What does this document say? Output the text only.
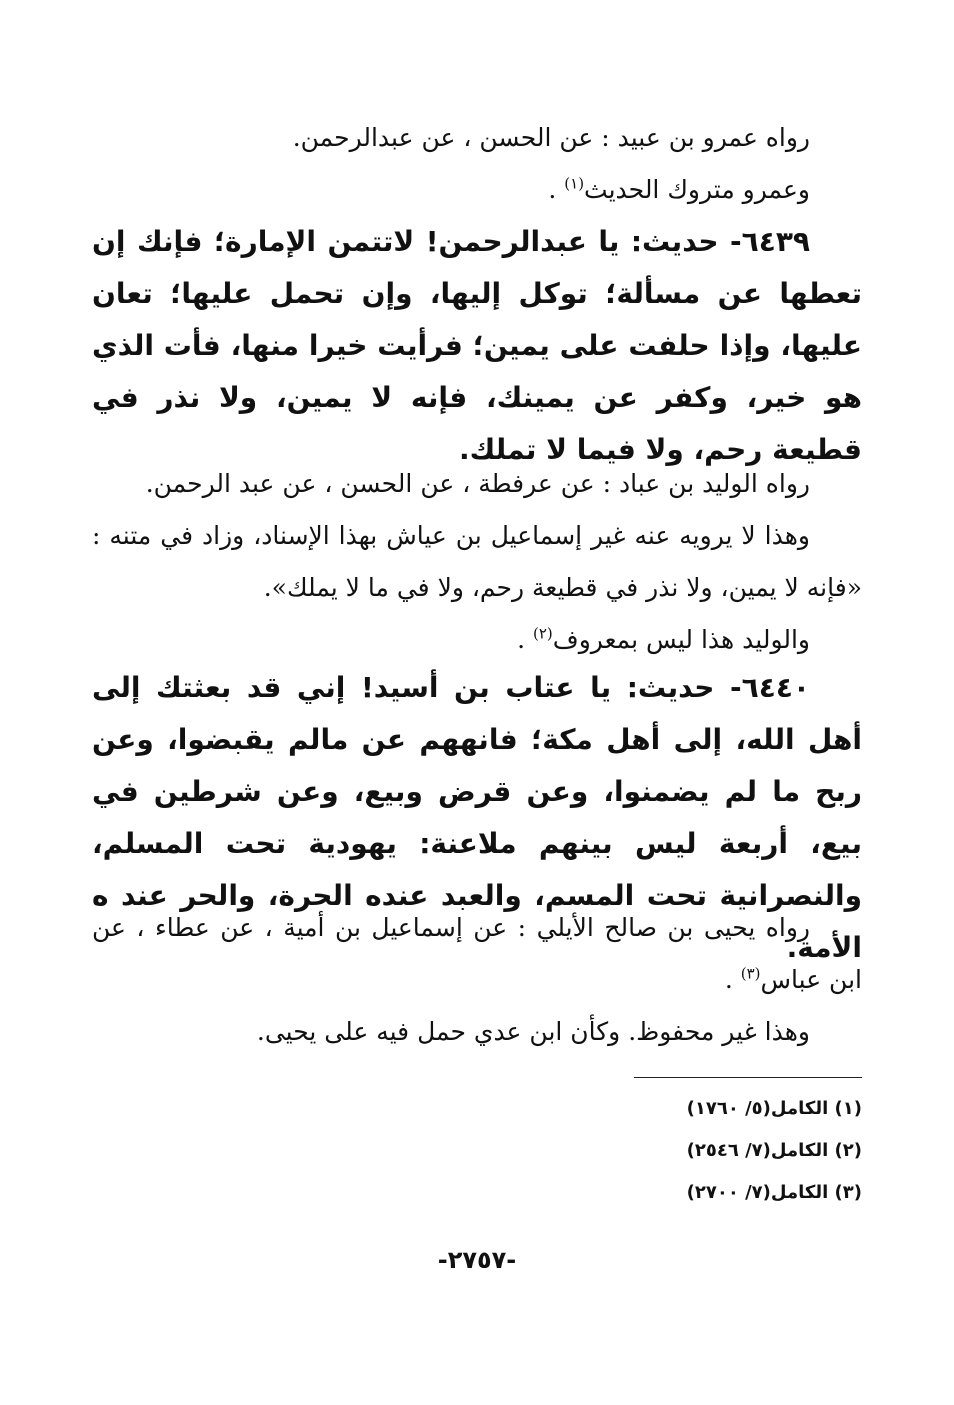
رواه عمرو بن عبيد : عن الحسن ، عن عبدالرحمن.

وعمرو متروك الحديث$^{(١)}$ .

٦٤٣٩- حديث: يا عبدالرحمن! لاتتمن الإمارة؛ فإنك إن تعطها عن مسألة؛ توكل إليها، وإن تحمل عليها؛ تعان عليها، وإذا حلفت على يمين؛ فرأيت خيرا منها، فأت الذي هو خير، وكفر عن يمينك، فإنه لا يمين، ولا نذر في قطيعة رحم، ولا فيما لا تملك.

رواه الوليد بن عباد : عن عرفطة ، عن الحسن ، عن عبد الرحمن.

وهذا لا يرويه عنه غير إسماعيل بن عياش بهذا الإسناد، وزاد في متنه : «فإنه لا يمين، ولا نذر في قطيعة رحم، ولا في ما لا يملك».

والوليد هذا ليس بمعروف$^{(٢)}$ .

٦٤٤٠- حديث: يا عتاب بن أسيد! إني قد بعثتك إلى أهل الله، إلى أهل مكة؛ فانههم عن مالم يقبضوا، وعن ربح ما لم يضمنوا، وعن قرض وبيع، وعن شرطين في بيع، أربعة ليس بينهم ملاعنة: يهودية تحت المسلم، والنصرانية تحت المسم، والعبد عنده الحرة، والحر عند ه الأمة.

رواه يحيى بن صالح الأيلي : عن إسماعيل بن أمية ، عن عطاء ، عن ابن عباس$^{(٣)}$ .

وهذا غير محفوظ. وكأن ابن عدي حمل فيه على يحيى.

(١) الكامل(٥/ ١٧٦٠)
(٢) الكامل(٧/ ٢٥٤٦)
(٣) الكامل(٧/ ٢٧٠٠)
-٢٧٥٧-
